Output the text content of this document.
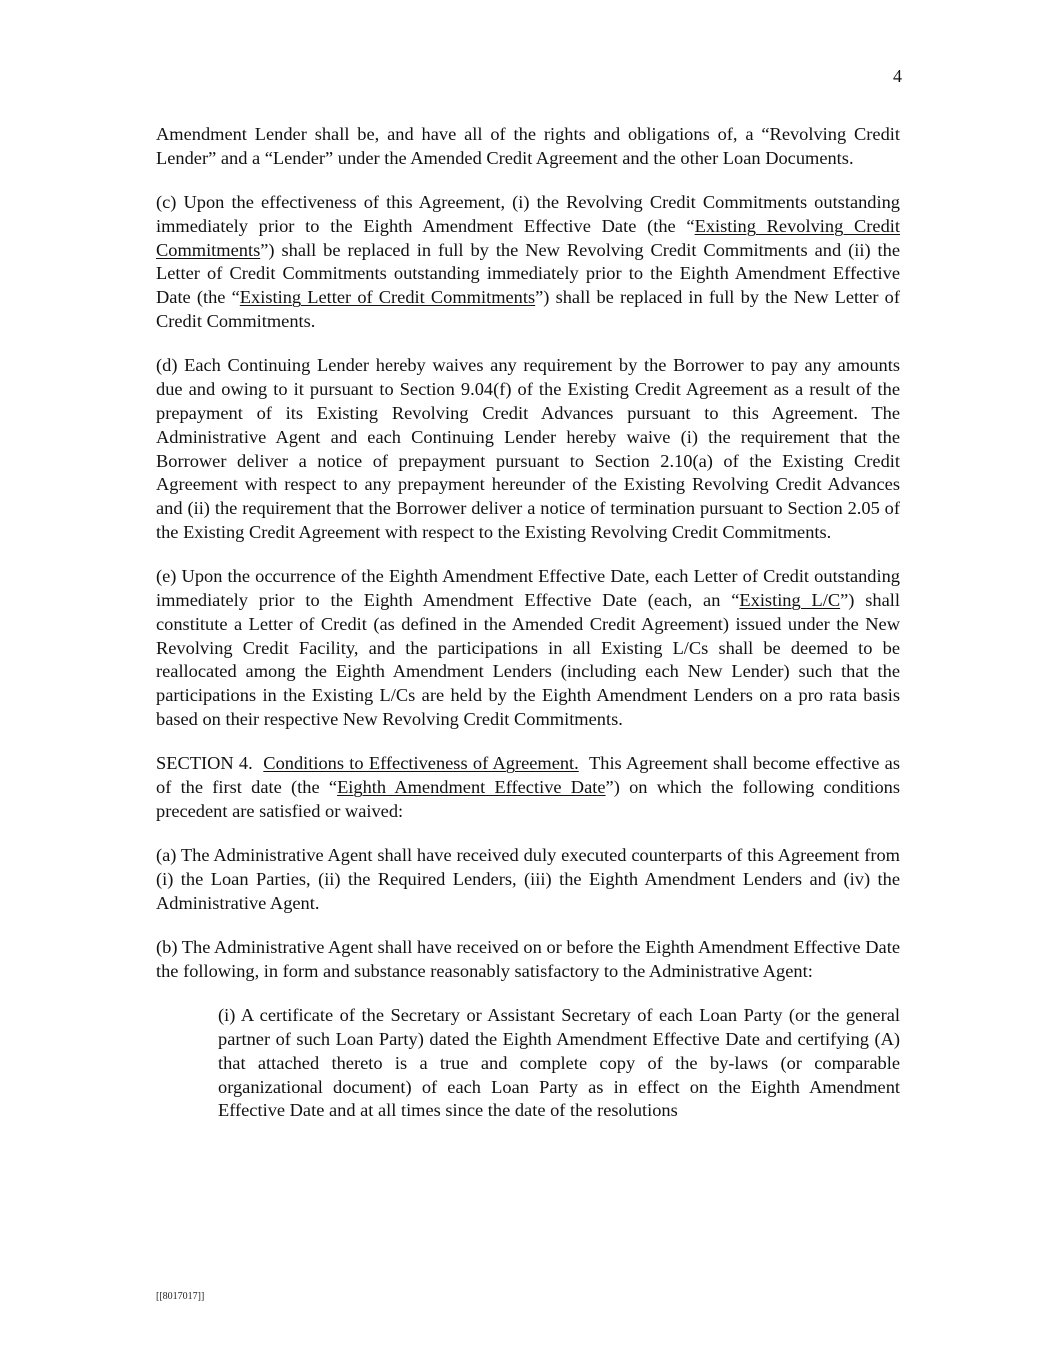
4

Amendment Lender shall be, and have all of the rights and obligations of, a “Revolving Credit Lender” and a “Lender” under the Amended Credit Agreement and the other Loan Documents.

(c) Upon the effectiveness of this Agreement, (i) the Revolving Credit Commitments outstanding immediately prior to the Eighth Amendment Effective Date (the “Existing Revolving Credit Commitments”) shall be replaced in full by the New Revolving Credit Commitments and (ii) the Letter of Credit Commitments outstanding immediately prior to the Eighth Amendment Effective Date (the “Existing Letter of Credit Commitments”) shall be replaced in full by the New Letter of Credit Commitments.

(d) Each Continuing Lender hereby waives any requirement by the Borrower to pay any amounts due and owing to it pursuant to Section 9.04(f) of the Existing Credit Agreement as a result of the prepayment of its Existing Revolving Credit Advances pursuant to this Agreement. The Administrative Agent and each Continuing Lender hereby waive (i) the requirement that the Borrower deliver a notice of prepayment pursuant to Section 2.10(a) of the Existing Credit Agreement with respect to any prepayment hereunder of the Existing Revolving Credit Advances and (ii) the requirement that the Borrower deliver a notice of termination pursuant to Section 2.05 of the Existing Credit Agreement with respect to the Existing Revolving Credit Commitments.

(e) Upon the occurrence of the Eighth Amendment Effective Date, each Letter of Credit outstanding immediately prior to the Eighth Amendment Effective Date (each, an “Existing L/C”) shall constitute a Letter of Credit (as defined in the Amended Credit Agreement) issued under the New Revolving Credit Facility, and the participations in all Existing L/Cs shall be deemed to be reallocated among the Eighth Amendment Lenders (including each New Lender) such that the participations in the Existing L/Cs are held by the Eighth Amendment Lenders on a pro rata basis based on their respective New Revolving Credit Commitments.

SECTION 4. Conditions to Effectiveness of Agreement. This Agreement shall become effective as of the first date (the “Eighth Amendment Effective Date”) on which the following conditions precedent are satisfied or waived:

(a) The Administrative Agent shall have received duly executed counterparts of this Agreement from (i) the Loan Parties, (ii) the Required Lenders, (iii) the Eighth Amendment Lenders and (iv) the Administrative Agent.

(b) The Administrative Agent shall have received on or before the Eighth Amendment Effective Date the following, in form and substance reasonably satisfactory to the Administrative Agent:

(i) A certificate of the Secretary or Assistant Secretary of each Loan Party (or the general partner of such Loan Party) dated the Eighth Amendment Effective Date and certifying (A) that attached thereto is a true and complete copy of the by-laws (or comparable organizational document) of each Loan Party as in effect on the Eighth Amendment Effective Date and at all times since the date of the resolutions

[[8017017]]
